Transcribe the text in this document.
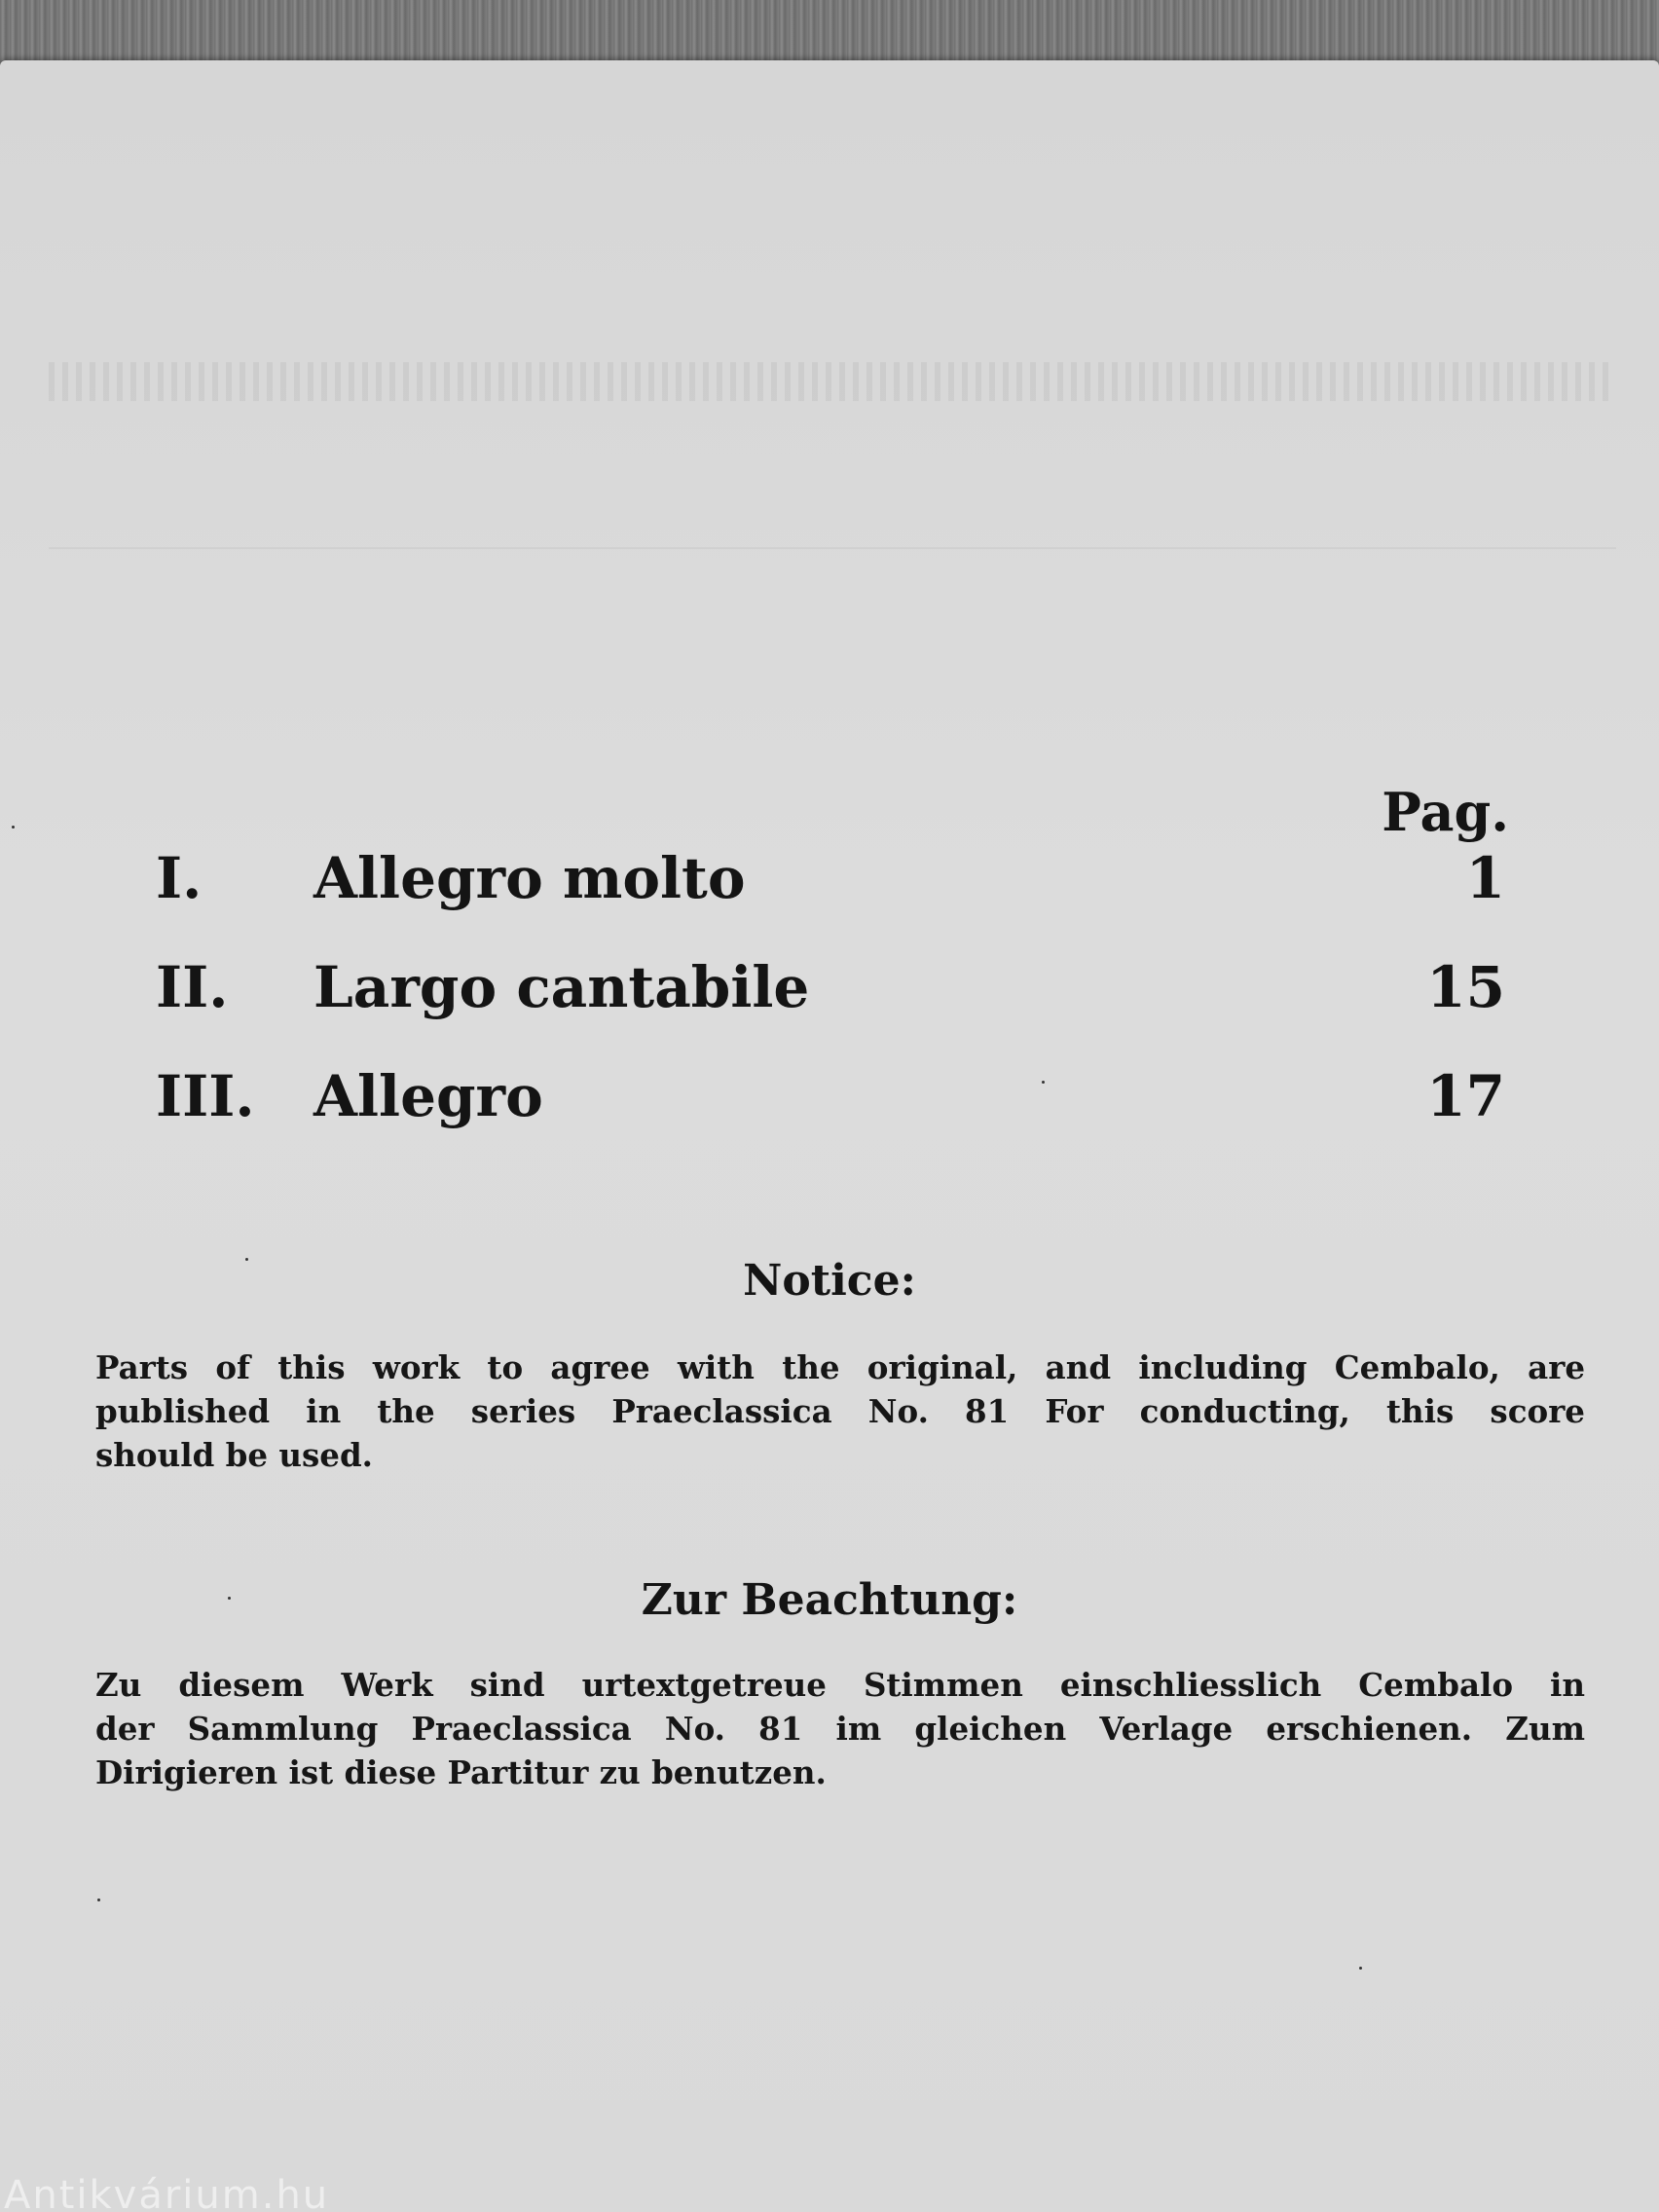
Pag.
I. Allegro molto	1
II. Largo cantabile	15
III. Allegro	17
Notice:
Parts of this work to agree with the original, and including Cembalo, are
published in the series Praeclassica No. 81 For conducting, this score
should be used.
Zur Beachtung:
Zu diesem Werk sind urtextgetreue Stimmen einschliesslich Cembalo in
der Sammlung Praeclassica No. 81 im gleichen Verlage erschienen. Zum
Dirigieren ist diese Partitur zu benutzen.
Antikvárium.hu
